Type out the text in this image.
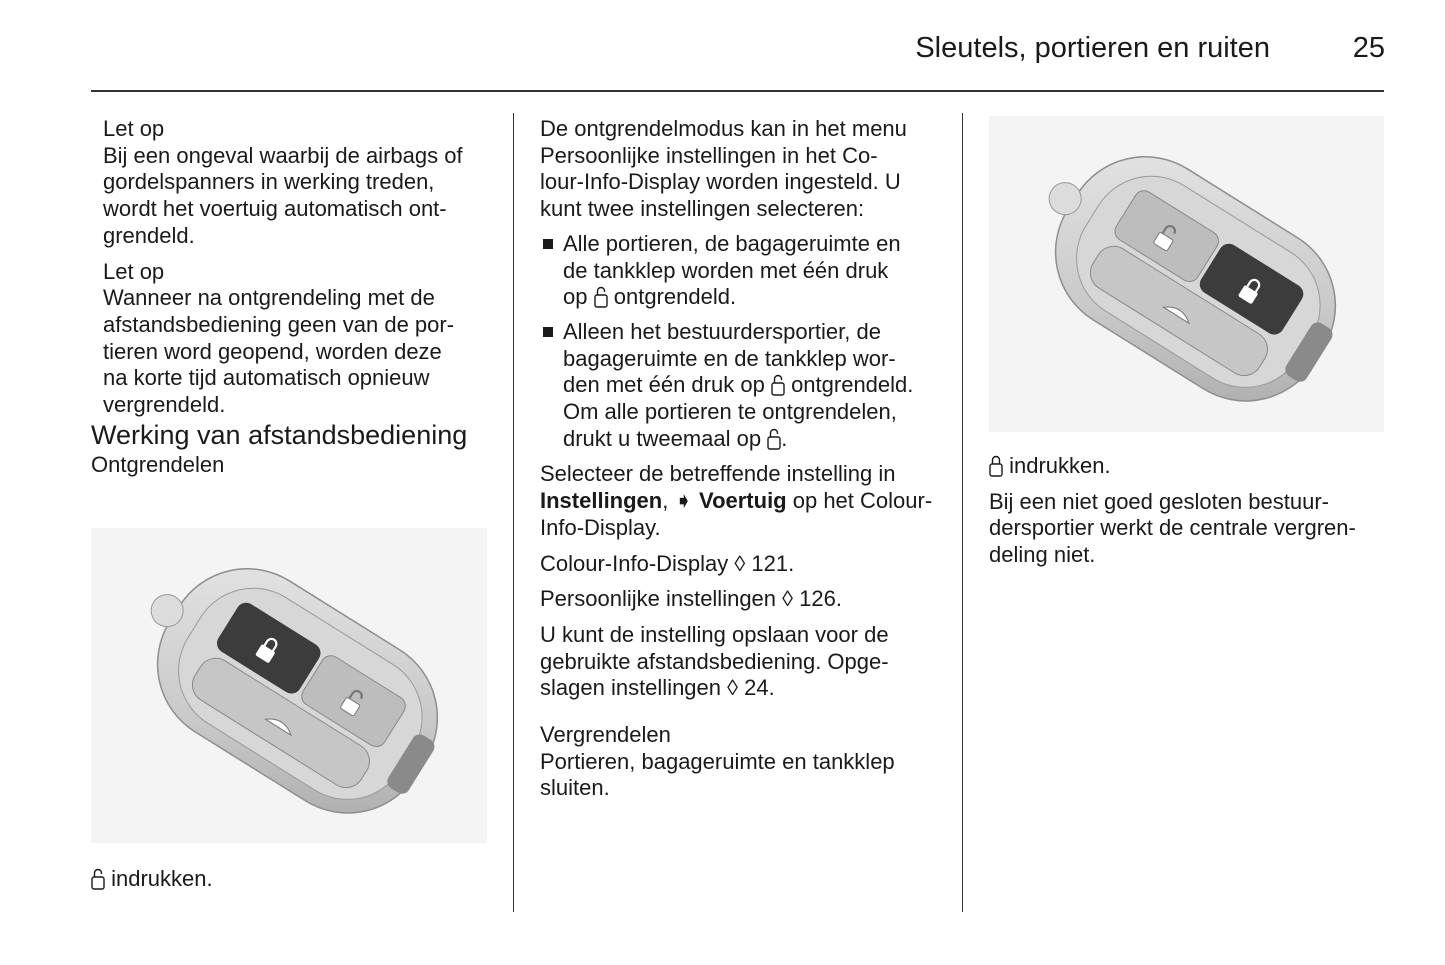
Sleutels, portieren en ruiten	25

Let op

Bij een ongeval waarbij de airbags of

gordelspanners in werking treden,

wordt het voertuig automatisch ont-

grendeld.

Let op

Wanneer na ontgrendeling met de

afstandsbediening geen van de por-

tieren word geopend, worden deze

na korte tijd automatisch opnieuw

vergrendeld.

Werking van afstandsbediening

Ontgrendelen

indrukken.

De ontgrendelmodus kan in het menu

Persoonlijke instellingen in het Co-

lour-Info-Display worden ingesteld. U

kunt twee instellingen selecteren:

Alle portieren, de bagageruimte en

de tankklep worden met één druk

op ontgrendeld.

Alleen het bestuurdersportier, de

bagageruimte en de tankklep wor-

den met één druk op ontgrendeld.

Om alle portieren te ontgrendelen,

drukt u tweemaal op .

Selecteer de betreffende instelling in

Instellingen, ➧ Voertuig op het Colour-

Info-Display.

Colour-Info-Display ◊ 121.

Persoonlijke instellingen ◊ 126.

U kunt de instelling opslaan voor de

gebruikte afstandsbediening. Opge-

slagen instellingen ◊ 24.

Vergrendelen

Portieren, bagageruimte en tankklep

sluiten.

indrukken.

Bij een niet goed gesloten bestuur-

dersportier werkt de centrale vergren-

deling niet.
